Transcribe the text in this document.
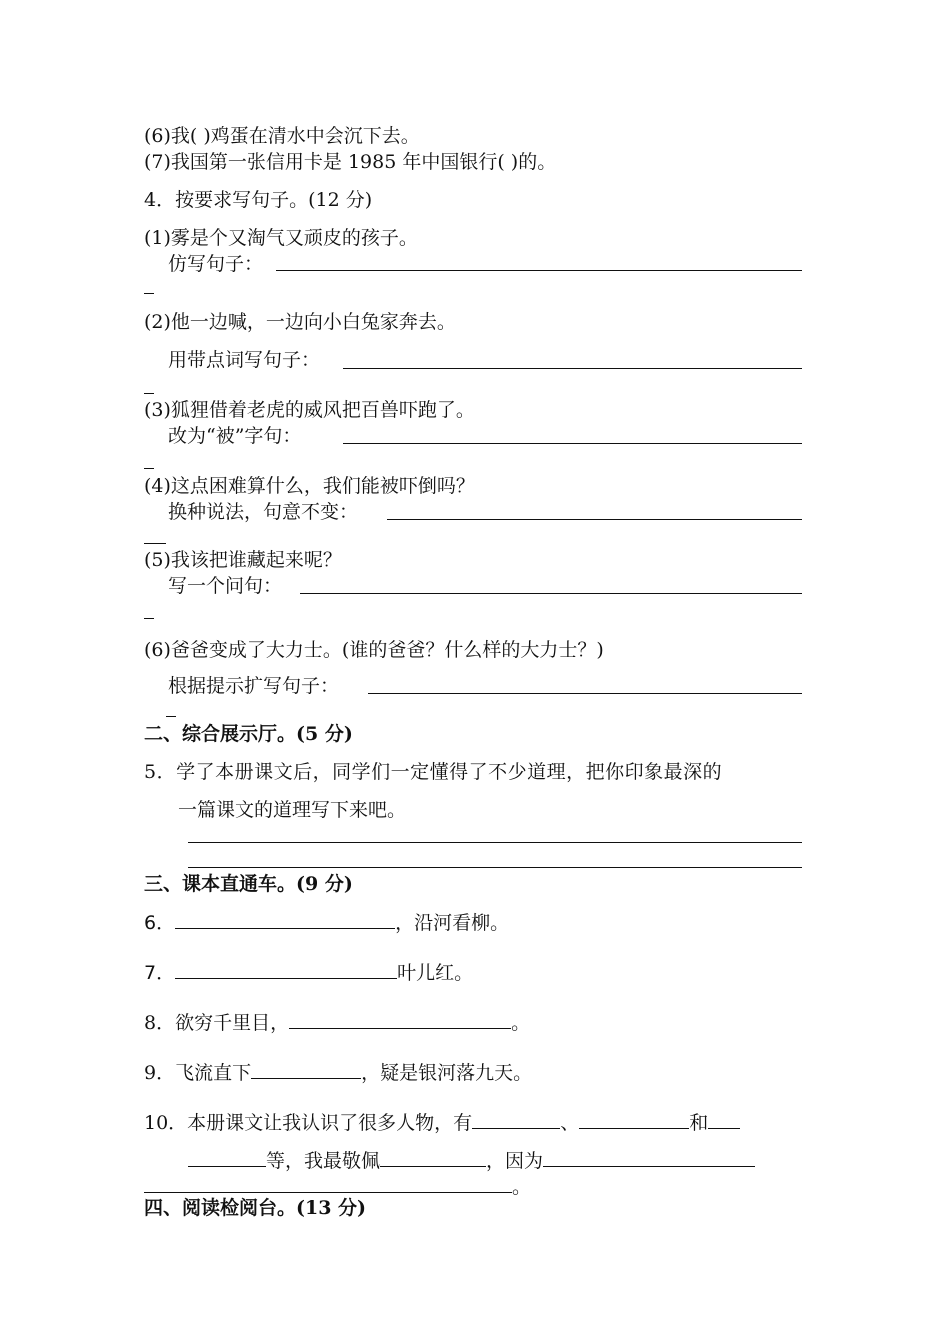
(6)我( )鸡蛋在清水中会沉下去。
(7)我国第一张信用卡是 1985 年中国银行( )的。
4．按要求写句子。(12 分)
(1)雾是个又淘气又顽皮的孩子。
仿写句子：
(2)他一边喊，一边向小白兔家奔去。
用带点词写句子：
(3)狐狸借着老虎的威风把百兽吓跑了。
改为“被”字句：
(4)这点困难算什么，我们能被吓倒吗？
换种说法，句意不变：
(5)我该把谁藏起来呢？
写一个问句：
(6)爸爸变成了大力士。(谁的爸爸？什么样的大力士？)
根据提示扩写句子：
二、综合展示厅。(5 分)
5．学了本册课文后，同学们一定懂得了不少道理，把你印象最深的
一篇课文的道理写下来吧。
三、课本直通车。(9 分)
6．	，沿河看柳。
7．	叶儿红。
8．欲穷千里目，	。
9．飞流直下	，疑是银河落九天。
10．本册课文让我认识了很多人物，有	、	和
等，我最敬佩	，因为
。
四、阅读检阅台。(13 分)
